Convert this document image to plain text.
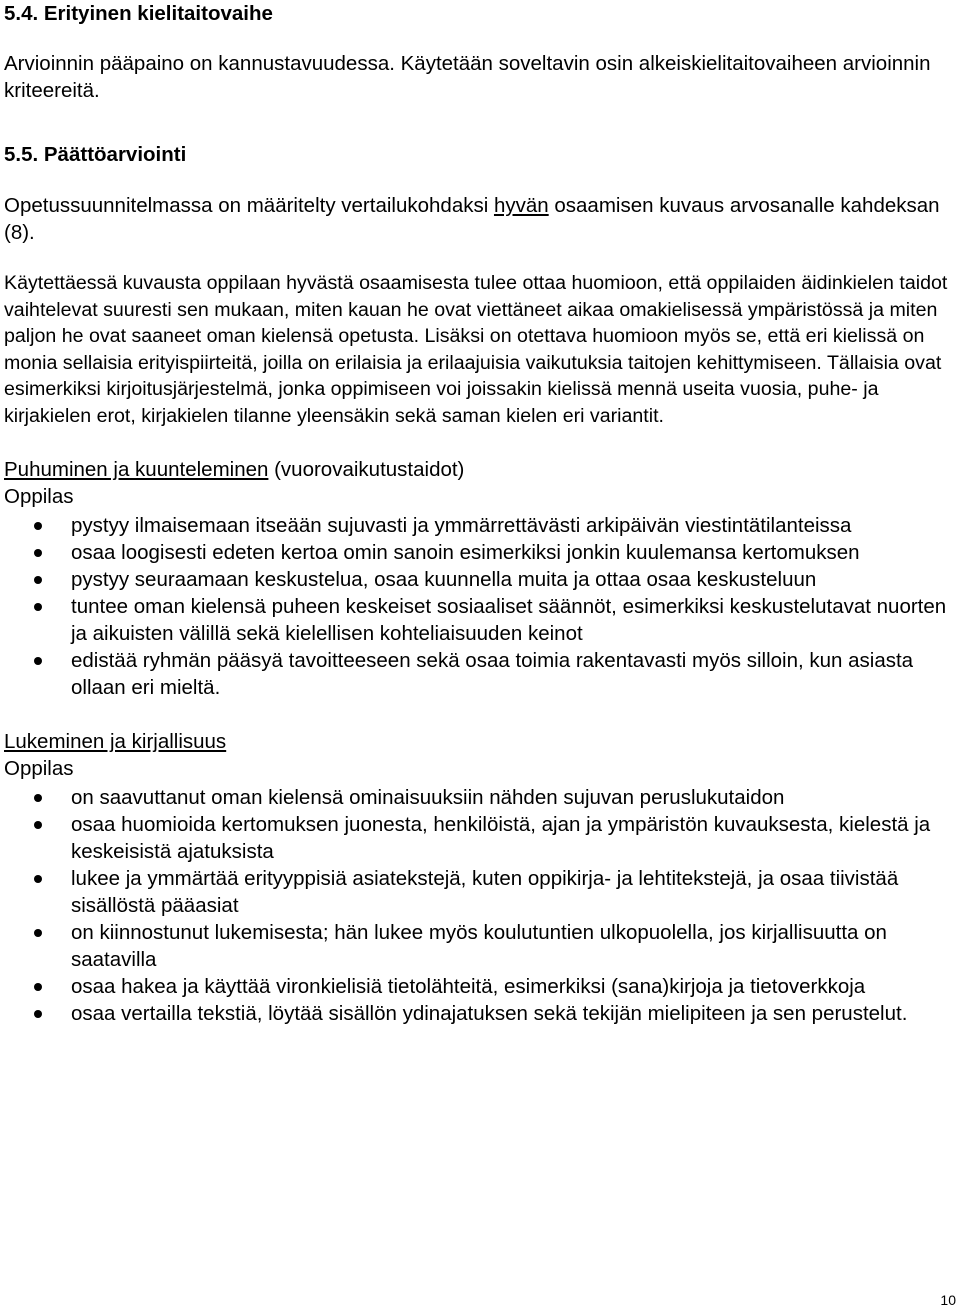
5.4. Erityinen kielitaitovaihe

Arvioinnin pääpaino on kannustavuudessa. Käytetään soveltavin osin alkeiskielitaitovaiheen arvioinnin kriteereitä.

5.5. Päättöarviointi

Opetussuunnitelmassa on määritelty vertailukohdaksi hyvän osaamisen kuvaus arvosanalle kahdeksan (8).

Käytettäessä kuvausta oppilaan hyvästä osaamisesta tulee ottaa huomioon, että oppilaiden äidinkielen taidot vaihtelevat suuresti sen mukaan, miten kauan he ovat viettäneet aikaa omakielisessä ympäristössä ja miten paljon he ovat saaneet oman kielensä opetusta. Lisäksi on otettava huomioon myös se, että eri kielissä on monia sellaisia erityispiirteitä, joilla on erilaisia ja erilaajuisia vaikutuksia taitojen kehittymiseen. Tällaisia ovat esimerkiksi kirjoitusjärjestelmä, jonka oppimiseen voi joissakin kielissä mennä useita vuosia, puhe- ja kirjakielen erot, kirjakielen tilanne yleensäkin sekä saman kielen eri variantit.

Puhuminen ja kuunteleminen (vuorovaikutustaidot)

Oppilas

pystyy ilmaisemaan itseään sujuvasti ja ymmärrettävästi arkipäivän viestintätilanteissa
osaa loogisesti edeten kertoa omin sanoin esimerkiksi jonkin kuulemansa kertomuksen
pystyy seuraamaan keskustelua, osaa kuunnella muita ja ottaa osaa keskusteluun
tuntee oman kielensä puheen keskeiset sosiaaliset säännöt, esimerkiksi keskustelutavat nuorten ja aikuisten välillä sekä kielellisen kohteliaisuuden keinot
edistää ryhmän pääsyä tavoitteeseen sekä osaa toimia rakentavasti myös silloin, kun asiasta ollaan eri mieltä.

Lukeminen ja kirjallisuus

Oppilas

on saavuttanut oman kielensä ominaisuuksiin nähden sujuvan peruslukutaidon
osaa huomioida kertomuksen juonesta, henkilöistä, ajan ja ympäristön kuvauksesta, kielestä ja keskeisistä ajatuksista
lukee ja ymmärtää erityyppisiä asiatekstejä, kuten oppikirja- ja lehtitekstejä, ja osaa tiivistää sisällöstä pääasiat
on kiinnostunut lukemisesta; hän lukee myös koulutuntien ulkopuolella, jos kirjallisuutta on saatavilla
osaa hakea ja käyttää vironkielisiä tietolähteitä, esimerkiksi (sana)kirjoja ja tietoverkkoja
osaa vertailla tekstiä, löytää sisällön ydinajatuksen sekä tekijän mielipiteen ja sen perustelut.
10
